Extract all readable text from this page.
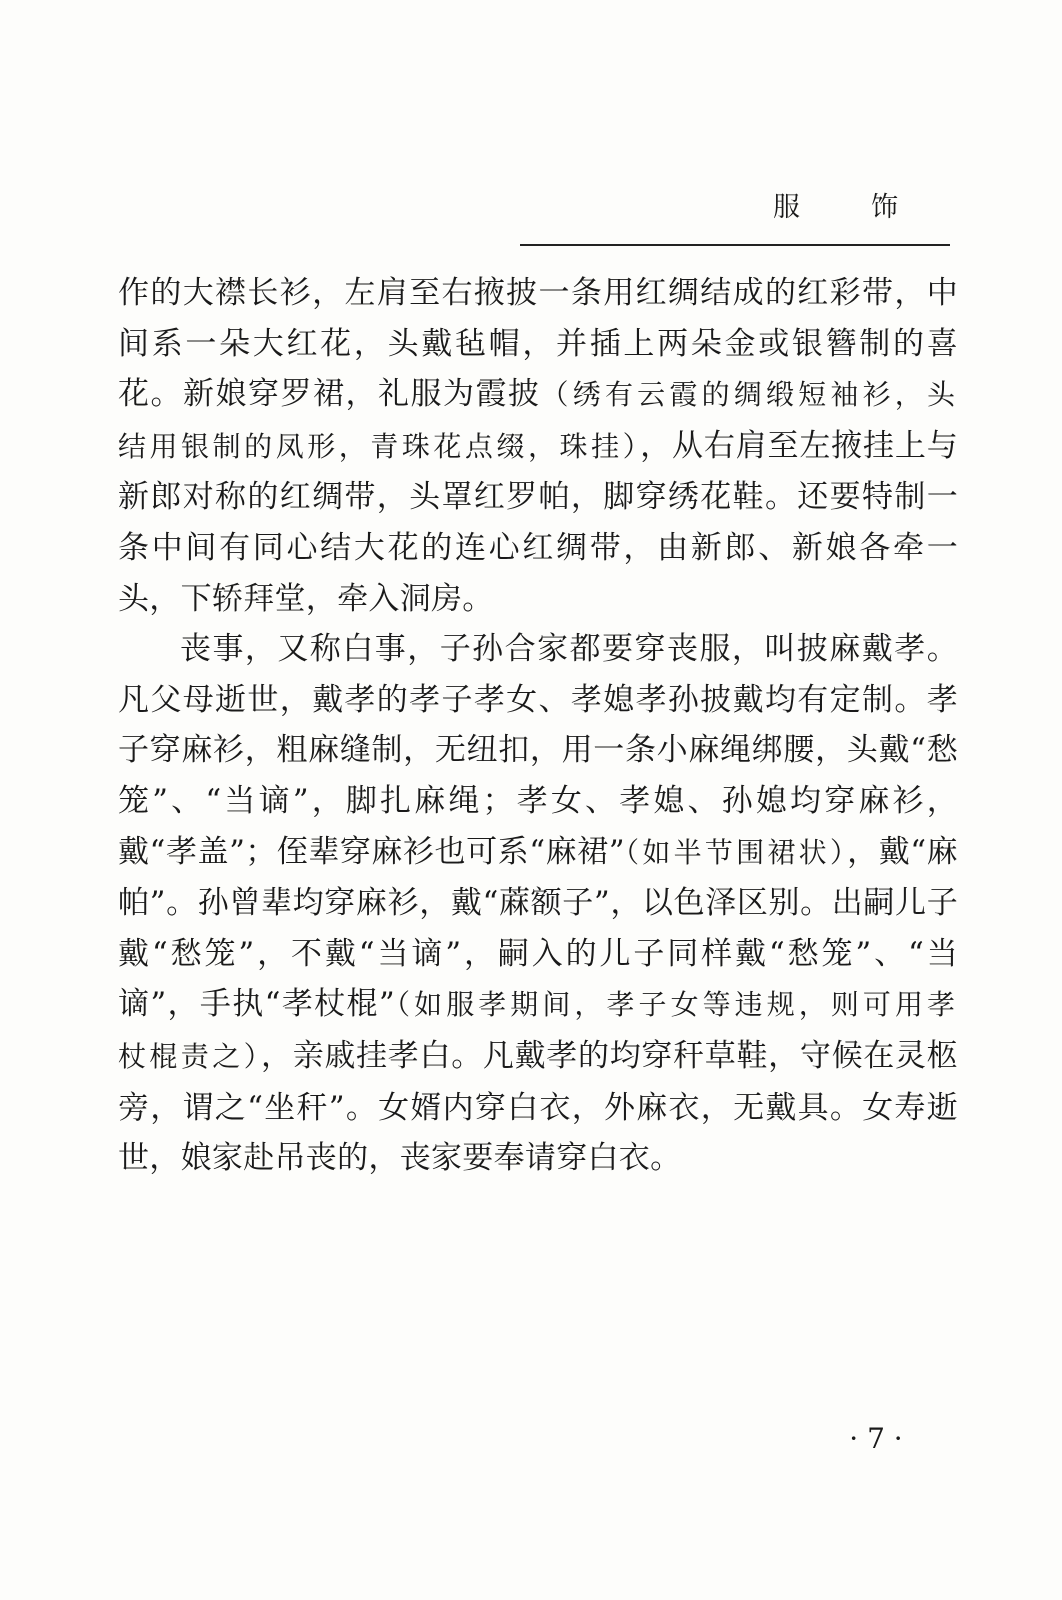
服　饰

作的大襟长衫，左肩至右掖披一条用红绸结成的红彩带，中间系一朵大红花，头戴毡帽，并插上两朵金或银簪制的喜花。新娘穿罗裙，礼服为霞披（绣有云霞的绸缎短袖衫，头结用银制的凤形，青珠花点缀，珠挂），从右肩至左掖挂上与新郎对称的红绸带，头罩红罗帕，脚穿绣花鞋。还要特制一条中间有同心结大花的连心红绸带，由新郎、新娘各牵一头，下轿拜堂，牵入洞房。

丧事，又称白事，子孙合家都要穿丧服，叫披麻戴孝。凡父母逝世，戴孝的孝子孝女、孝媳孝孙披戴均有定制。孝子穿麻衫，粗麻缝制，无纽扣，用一条小麻绳绑腰，头戴“愁笼”、“当谪”，脚扎麻绳；孝女、孝媳、孙媳均穿麻衫，戴“孝盖”；侄辈穿麻衫也可系“麻裙”（如半节围裙状），戴“麻帕”。孙曾辈均穿麻衫，戴“蔴额子”，以色泽区别。出嗣儿子戴“愁笼”，不戴“当谪”，嗣入的儿子同样戴“愁笼”、“当谪”，手执“孝杖棍”（如服孝期间，孝子女等违规，则可用孝杖棍责之），亲戚挂孝白。凡戴孝的均穿秆草鞋，守候在灵柩旁，谓之“坐秆”。女婿内穿白衣，外麻衣，无戴具。女寿逝世，娘家赴吊丧的，丧家要奉请穿白衣。

· 7 ·
